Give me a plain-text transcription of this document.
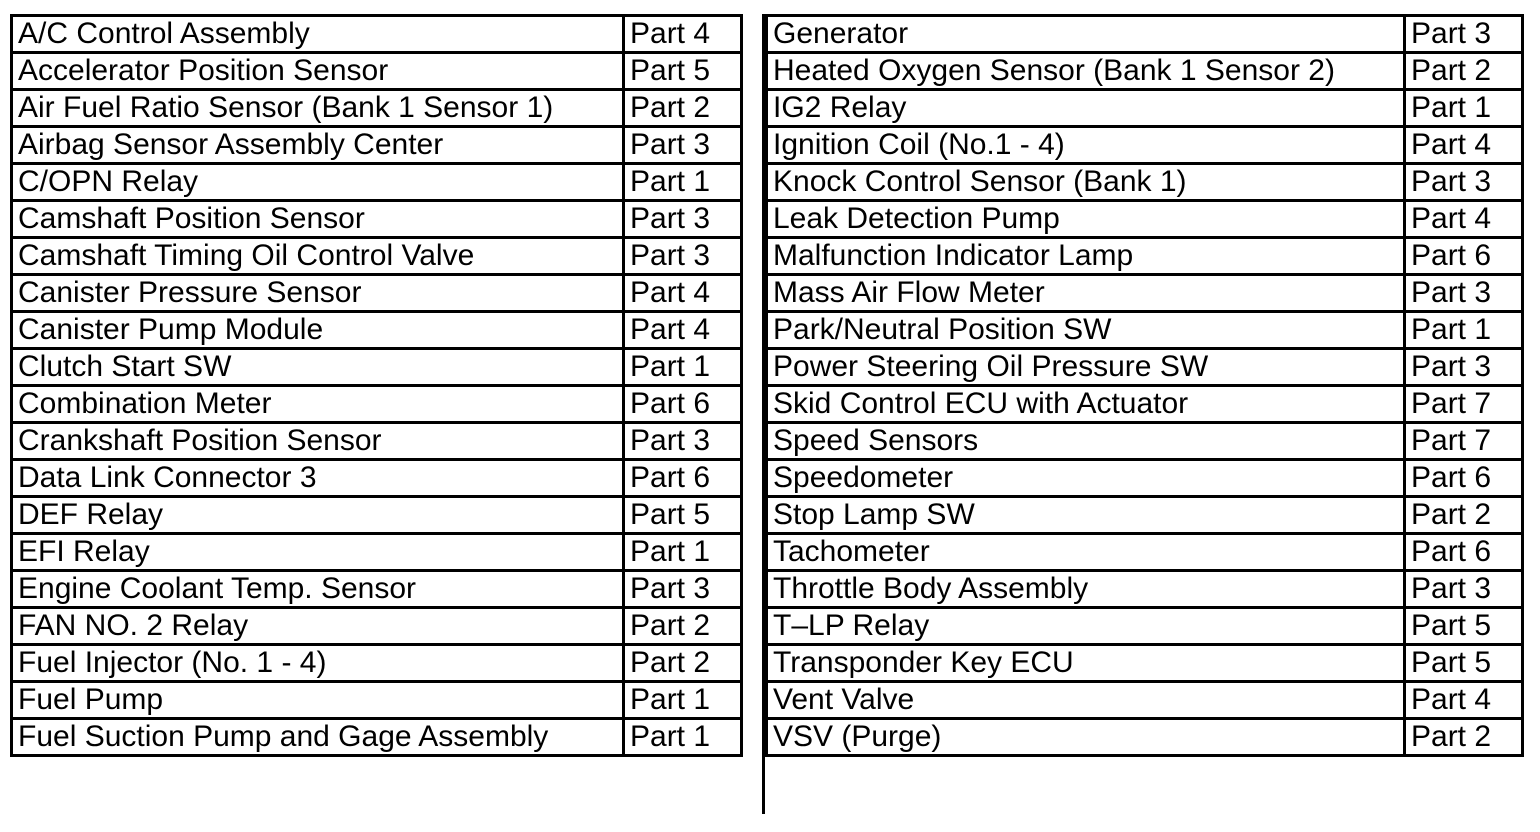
A/C Control Assembly	Part 4
Accelerator Position Sensor	Part 5
Air Fuel Ratio Sensor (Bank 1 Sensor 1)	Part 2
Airbag Sensor Assembly Center	Part 3
C/OPN Relay	Part 1
Camshaft Position Sensor	Part 3
Camshaft Timing Oil Control Valve	Part 3
Canister Pressure Sensor	Part 4
Canister Pump Module	Part 4
Clutch Start SW	Part 1
Combination Meter	Part 6
Crankshaft Position Sensor	Part 3
Data Link Connector 3	Part 6
DEF Relay	Part 5
EFI Relay	Part 1
Engine Coolant Temp. Sensor	Part 3
FAN NO. 2 Relay	Part 2
Fuel Injector (No. 1 - 4)	Part 2
Fuel Pump	Part 1
Fuel Suction Pump and Gage Assembly	Part 1
Generator	Part 3
Heated Oxygen Sensor (Bank 1 Sensor 2)	Part 2
IG2 Relay	Part 1
Ignition Coil (No.1 - 4)	Part 4
Knock Control Sensor (Bank 1)	Part 3
Leak Detection Pump	Part 4
Malfunction Indicator Lamp	Part 6
Mass Air Flow Meter	Part 3
Park/Neutral Position SW	Part 1
Power Steering Oil Pressure SW	Part 3
Skid Control ECU with Actuator	Part 7
Speed Sensors	Part 7
Speedometer	Part 6
Stop Lamp SW	Part 2
Tachometer	Part 6
Throttle Body Assembly	Part 3
T–LP Relay	Part 5
Transponder Key ECU	Part 5
Vent Valve	Part 4
VSV (Purge)	Part 2
